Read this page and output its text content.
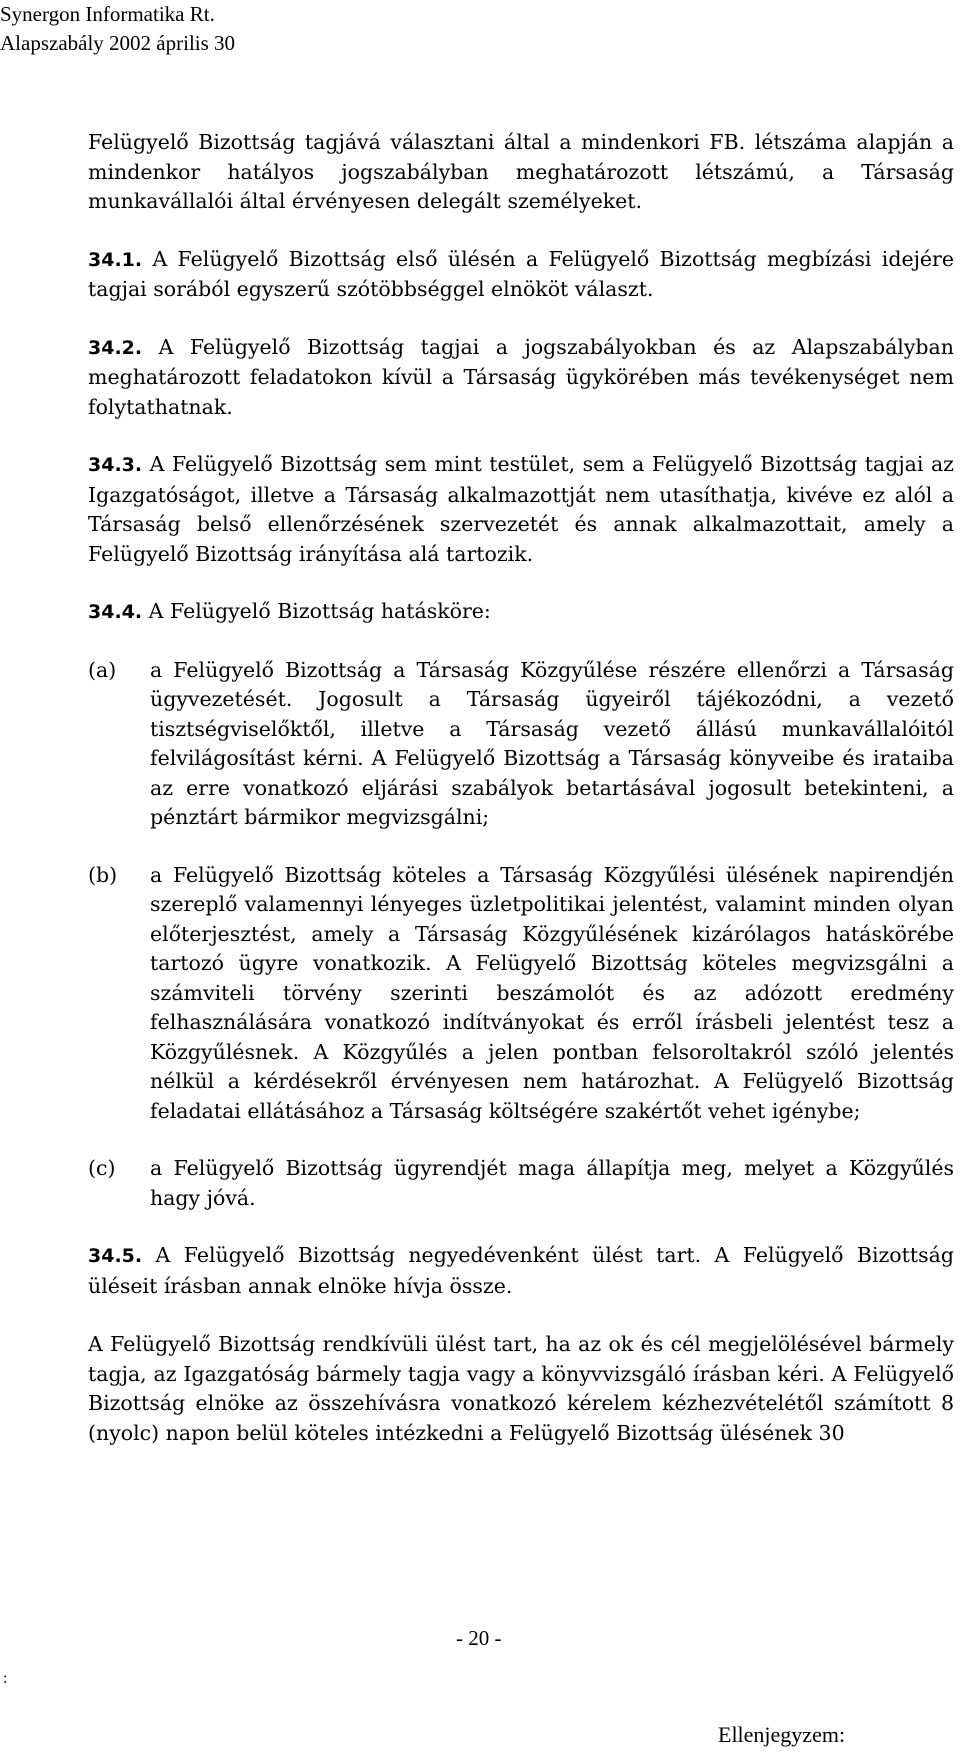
Synergon Informatika Rt.
Alapszabály 2002 április 30
Felügyelő Bizottság tagjává választani által a mindenkori FB. létszáma alapján a mindenkor hatályos jogszabályban meghatározott létszámú, a Társaság munkavállalói által érvényesen delegált személyeket.
34.1. A Felügyelő Bizottság első ülésén a Felügyelő Bizottság megbízási idejére tagjai sorából egyszerű szótöbbséggel elnököt választ.
34.2. A Felügyelő Bizottság tagjai a jogszabályokban és az Alapszabályban meghatározott feladatokon kívül a Társaság ügykörében más tevékenységet nem folytathatnak.
34.3. A Felügyelő Bizottság sem mint testület, sem a Felügyelő Bizottság tagjai az Igazgatóságot, illetve a Társaság alkalmazottját nem utasíthatja, kivéve ez alól a Társaság belső ellenőrzésének szervezetét és annak alkalmazottait, amely a Felügyelő Bizottság irányítása alá tartozik.
34.4. A Felügyelő Bizottság hatásköre:
(a) a Felügyelő Bizottság a Társaság Közgyűlése részére ellenőrzi a Társaság ügyvezetését. Jogosult a Társaság ügyeiről tájékozódni, a vezető tisztségviselőktől, illetve a Társaság vezető állású munkavállalóitól felvilágosítást kérni. A Felügyelő Bizottság a Társaság könyveibe és irataiba az erre vonatkozó eljárási szabályok betartásával jogosult betekinteni, a pénztárt bármikor megvizsgálni;
(b) a Felügyelő Bizottság köteles a Társaság Közgyűlési ülésének napirendjén szereplő valamennyi lényeges üzletpolitikai jelentést, valamint minden olyan előterjesztést, amely a Társaság Közgyűlésének kizárólagos hatáskörébe tartozó ügyre vonatkozik. A Felügyelő Bizottság köteles megvizsgálni a számviteli törvény szerinti beszámolót és az adózott eredmény felhasználására vonatkozó indítványokat és erről írásbeli jelentést tesz a Közgyűlésnek. A Közgyűlés a jelen pontban felsoroltakról szóló jelentés nélkül a kérdésekről érvényesen nem határozhat. A Felügyelő Bizottság feladatai ellátásához a Társaság költségére szakértőt vehet igénybe;
(c) a Felügyelő Bizottság ügyrendjét maga állapítja meg, melyet a Közgyűlés hagy jóvá.
34.5. A Felügyelő Bizottság negyedévenként ülést tart. A Felügyelő Bizottság üléseit írásban annak elnöke hívja össze.
A Felügyelő Bizottság rendkívüli ülést tart, ha az ok és cél megjelölésével bármely tagja, az Igazgatóság bármely tagja vagy a könyvvizsgáló írásban kéri. A Felügyelő Bizottság elnöke az összehívásra vonatkozó kérelem kézhezvételétől számított 8 (nyolc) napon belül köteles intézkedni a Felügyelő Bizottság ülésének 30
- 20 -
:
Ellenjegyzem:
